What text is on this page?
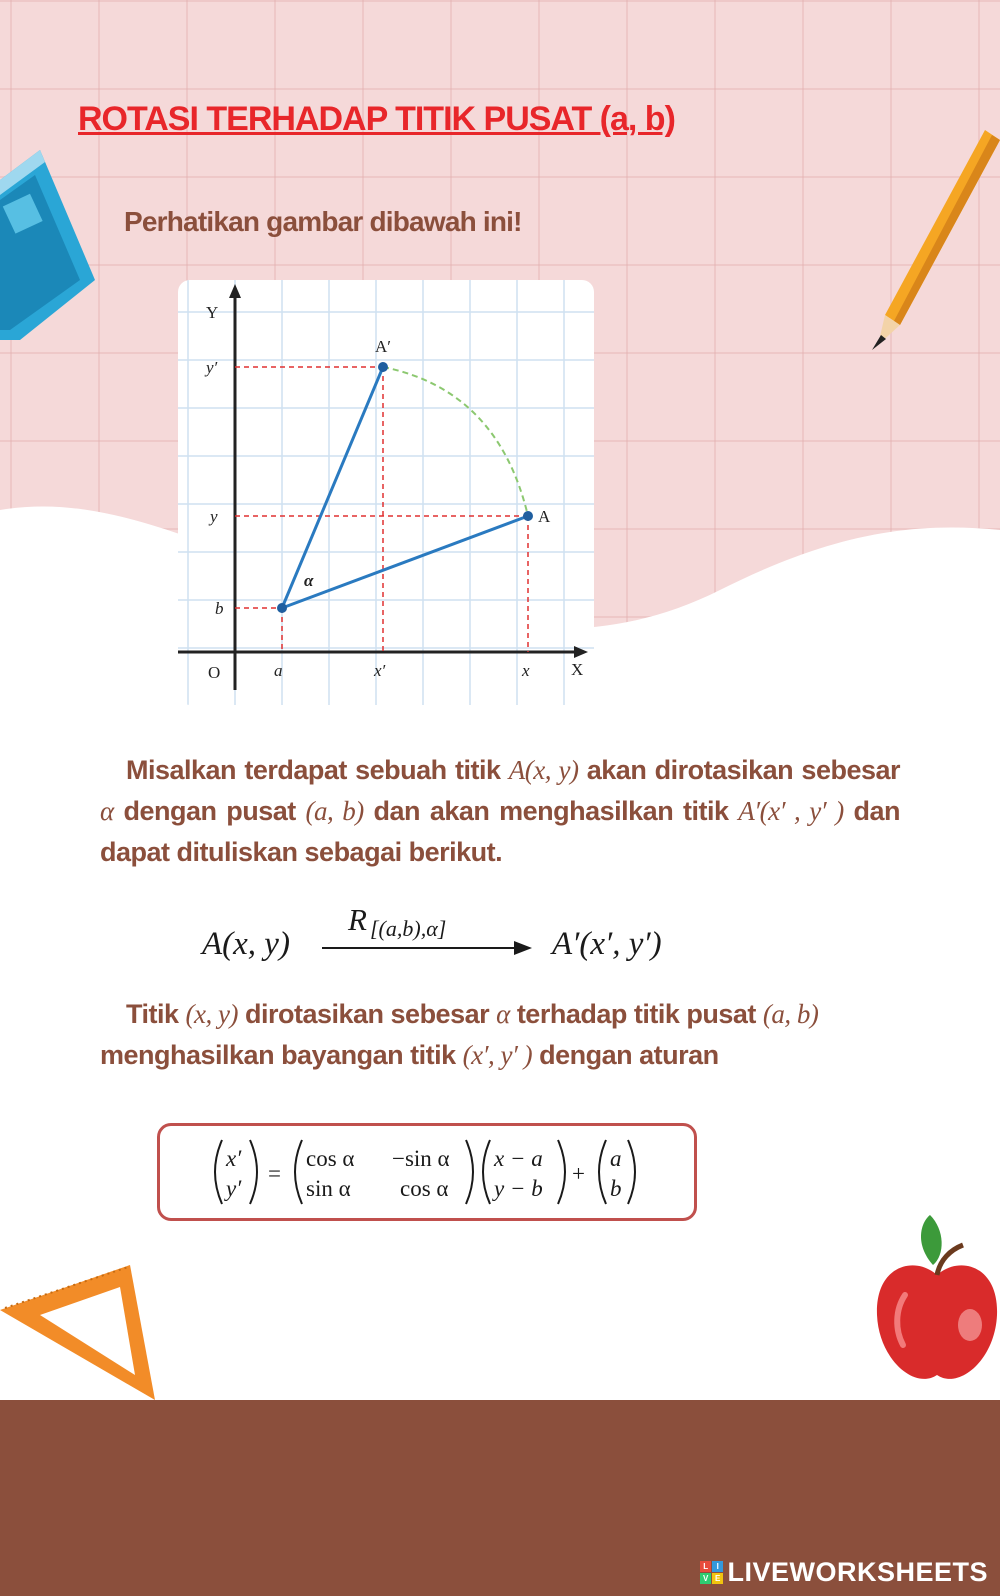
ROTASI TERHADAP TITIK PUSAT (a, b)
Perhatikan gambar dibawah ini!
Y
X
O
y′
y
b
a	x′	x
A
A′
α

Misalkan terdapat sebuah titik A(x, y) akan dirotasikan sebesar α dengan pusat (a, b) dan akan menghasilkan titik A′(x′ , y′ ) dan dapat dituliskan sebagai berikut.

A(x, y)
R [(a,b),α]	A′(x′, y′)

Titik (x, y) dirotasikan sebesar α terhadap titik pusat (a, b) menghasilkan bayangan titik (x′, y′ ) dengan aturan

x′
y′
=
cos α −sin α
sin α cos α
x − a
y − b
+
a
b
L I
V E LIVEWORKSHEETS
